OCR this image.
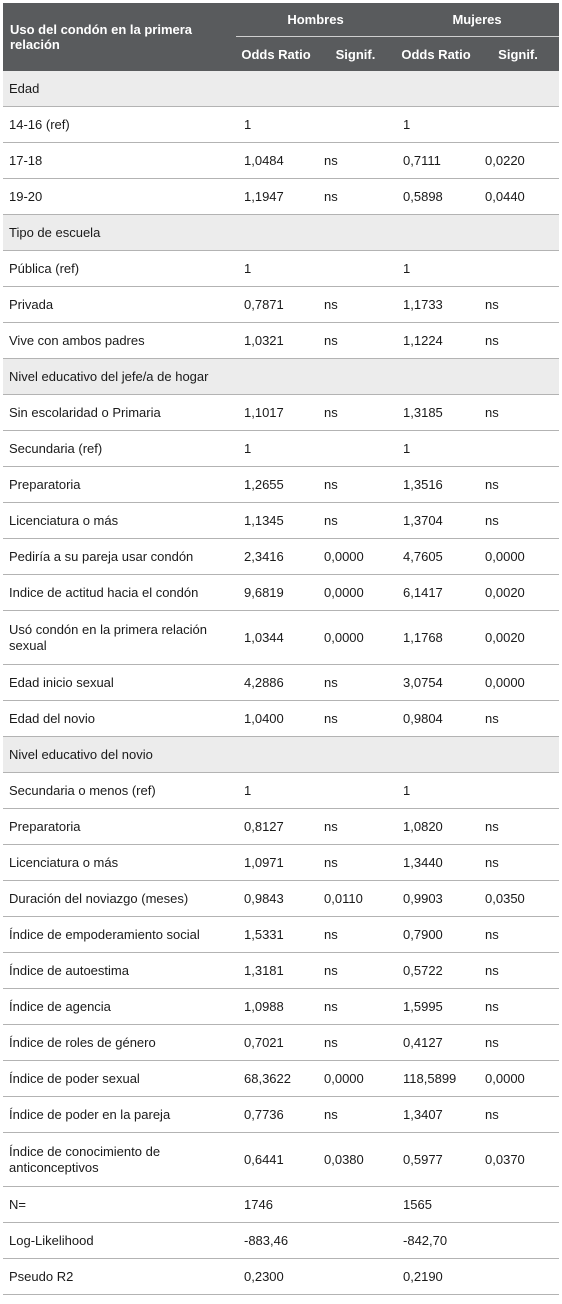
Uso del condón en la primera relación	Hombres		Mujeres	
	Odds Ratio	Signif.	Odds Ratio	Signif.
Edad				
14-16 (ref)	1		1	
17-18	1,0484	ns	0,7111	0,0220
19-20	1,1947	ns	0,5898	0,0440
Tipo de escuela				
Pública (ref)	1		1	
Privada	0,7871	ns	1,1733	ns
Vive con ambos padres	1,0321	ns	1,1224	ns
Nivel educativo del jefe/a de hogar				
Sin escolaridad o Primaria	1,1017	ns	1,3185	ns
Secundaria (ref)	1		1	
Preparatoria	1,2655	ns	1,3516	ns
Licenciatura o más	1,1345	ns	1,3704	ns
Pediría a su pareja usar condón	2,3416	0,0000	4,7605	0,0000
Indice de actitud hacia el condón	9,6819	0,0000	6,1417	0,0020
Usó condón en la primera relación sexual	1,0344	0,0000	1,1768	0,0020
Edad inicio sexual	4,2886	ns	3,0754	0,0000
Edad del novio	1,0400	ns	0,9804	ns
Nivel educativo del novio				
Secundaria o menos (ref)	1		1	
Preparatoria	0,8127	ns	1,0820	ns
Licenciatura o más	1,0971	ns	1,3440	ns
Duración del noviazgo (meses)	0,9843	0,0110	0,9903	0,0350
Índice de empoderamiento social	1,5331	ns	0,7900	ns
Índice de autoestima	1,3181	ns	0,5722	ns
Índice de agencia	1,0988	ns	1,5995	ns
Índice de roles de género	0,7021	ns	0,4127	ns
Índice de poder sexual	68,3622	0,0000	118,5899	0,0000
Índice de poder en la pareja	0,7736	ns	1,3407	ns
Índice de conocimiento de anticonceptivos	0,6441	0,0380	0,5977	0,0370
N=	1746		1565	
Log-Likelihood	-883,46		-842,70	
Pseudo R2	0,2300		0,2190	
